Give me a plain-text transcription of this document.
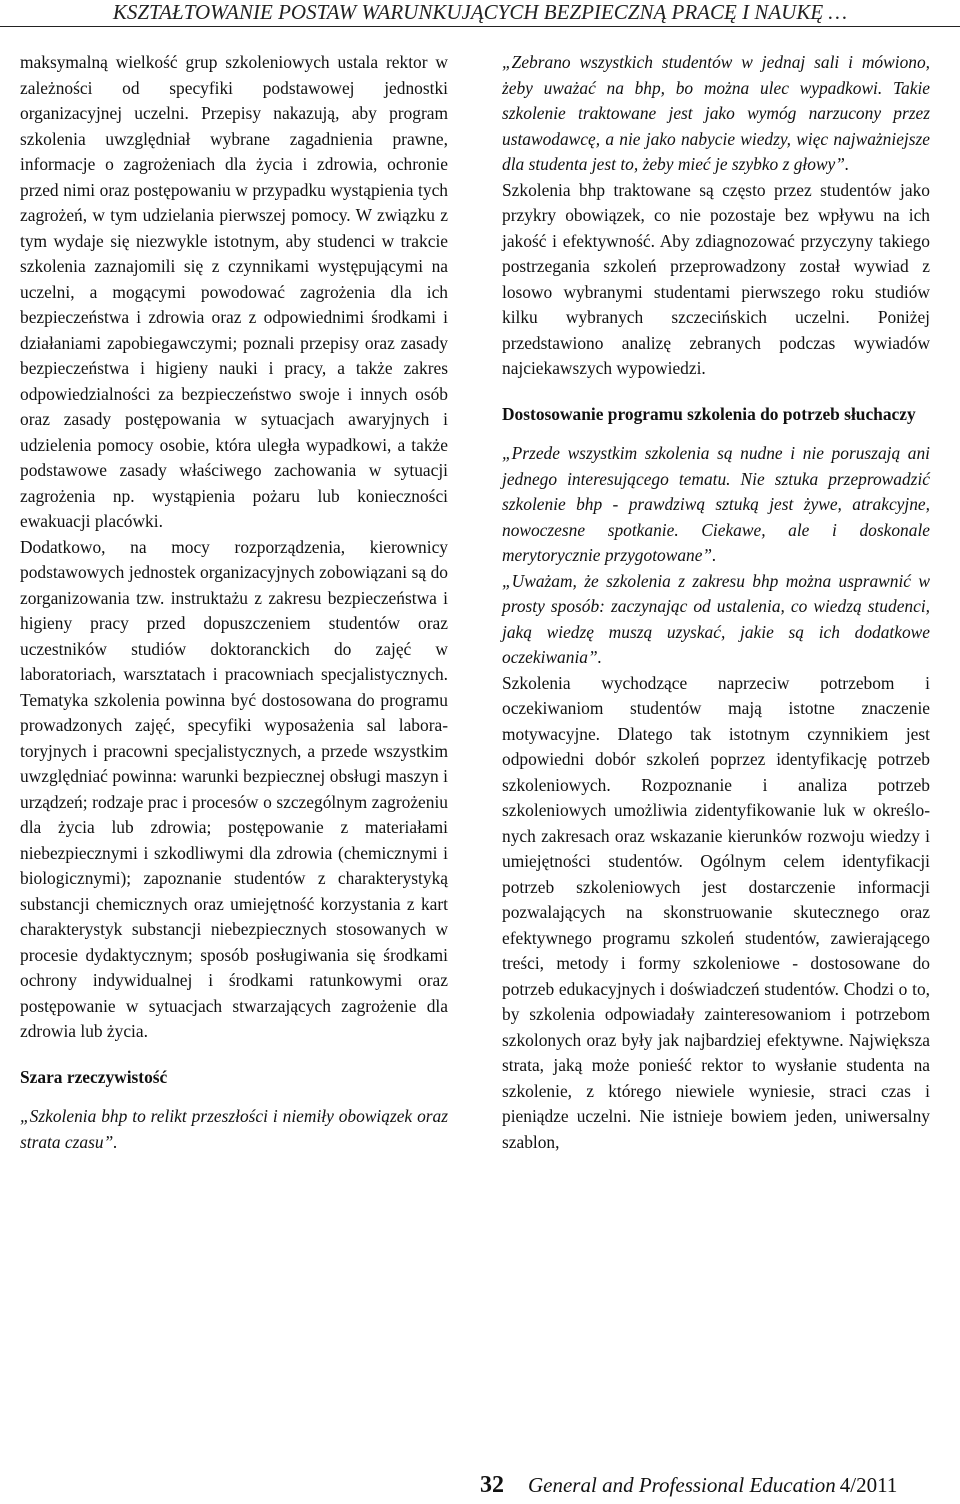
KSZTAŁTOWANIE POSTAW WARUNKUJĄCYCH BEZPIECZNĄ PRACĘ I NAUKĘ …

maksymalną wielkość grup szkoleniowych ustala rektor w zależności od specyfiki podstawowej jednostki organizacyjnej uczelni. Przepisy nakazują, aby program szkolenia uwzględniał wybrane zagadnienia prawne, informacje o zagrożeniach dla życia i zdrowia, ochronie przed nimi oraz postępowaniu w przypadku wystąpienia tych zagrożeń, w tym udzielania pierwszej pomocy. W związku z tym wydaje się niezwykle istotnym, aby studenci w trakcie szkolenia zaznajomili się z czynnikami występującymi na uczelni, a mogącymi powodować zagrożenia dla ich bezpieczeństwa i zdrowia oraz z odpowiednimi środkami i działaniami zapobiegawczymi; poznali przepisy oraz zasady bezpieczeństwa i higieny nauki i pracy, a także zakres odpowiedzialności za bezpieczeństwo swoje i innych osób oraz zasady postępowania w sytuacjach awaryjnych i udzielenia pomocy osobie, która uległa wypadkowi, a także podstawowe zasady właściwego zachowania w sytuacji zagrożenia np. wystąpienia pożaru lub konieczności ewakuacji placówki.

Dodatkowo, na mocy rozporządzenia, kierownicy podstawowych jednostek organizacyjnych zobowiązani są do zorganizowania tzw. instruktażu z zakresu bezpieczeństwa i higieny pracy przed dopuszczeniem studentów oraz uczestników studiów doktoranckich do zajęć w laboratoriach, warsztatach i pracowniach specjalistycznych. Tematyka szkolenia powinna być dostosowana do programu prowadzonych zajęć, specyfiki wyposażenia sal laboratoryjnych i pracowni specjalistycznych, a przede wszystkim uwzględniać powinna: warunki bezpiecznej obsługi maszyn i urządzeń; rodzaje prac i procesów o szczególnym zagrożeniu dla życia lub zdrowia; postępowanie z materiałami niebezpiecznymi i szkodliwymi dla zdrowia (chemicznymi i biologicznymi); zapoznanie studentów z charakterystyką substancji chemicznych oraz umiejętność korzystania z kart charakterystyk substancji niebezpiecznych stosowanych w procesie dydaktycznym; sposób posługiwania się środkami ochrony indywidualnej i środkami ratunkowymi oraz postępowanie w sytuacjach stwarzających zagrożenie dla zdrowia lub życia.

Szara rzeczywistość

„Szkolenia bhp to relikt przeszłości i niemiły obowiązek oraz strata czasu”.

„Zebrano wszystkich studentów w jednaj sali i mówiono, żeby uważać na bhp, bo można ulec wypadkowi. Takie szkolenie traktowane jest jako wymóg narzucony przez ustawodawcę, a nie jako nabycie wiedzy, więc najważniejsze dla studenta jest to, żeby mieć je szybko z głowy”.

Szkolenia bhp traktowane są często przez studentów jako przykry obowiązek, co nie pozostaje bez wpływu na ich jakość i efektywność. Aby zdiagnozować przyczyny takiego postrzegania szkoleń przeprowadzony został wywiad z losowo wybranymi studentami pierwszego roku studiów kilku wybranych szczecińskich uczelni. Poniżej przedstawiono analizę zebranych podczas wywiadów najciekawszych wypowiedzi.

Dostosowanie programu szkolenia do potrzeb słuchaczy

„Przede wszystkim szkolenia są nudne i nie poruszają ani jednego interesującego tematu. Nie sztuka przeprowadzić szkolenie bhp - prawdziwą sztuką jest żywe, atrakcyjne, nowoczesne spotkanie. Ciekawe, ale i doskonale merytorycznie przygotowane”.

„Uważam, że szkolenia z zakresu bhp można usprawnić w prosty sposób: zaczynając od ustalenia, co wiedzą studenci, jaką wiedzę muszą uzyskać, jakie są ich dodatkowe oczekiwania”.

Szkolenia wychodzące naprzeciw potrzebom i oczekiwaniom studentów mają istotne znaczenie motywacyjne. Dlatego tak istotnym czynnikiem jest odpowiedni dobór szkoleń poprzez identyfikację potrzeb szkoleniowych. Rozpoznanie i analiza potrzeb szkoleniowych umożliwia zidentyfikowanie luk w określonych zakresach oraz wskazanie kierunków rozwoju wiedzy i umiejętności studentów. Ogólnym celem identyfikacji potrzeb szkoleniowych jest dostarczenie informacji pozwalających na skonstruowanie skutecznego oraz efektywnego programu szkoleń studentów, zawierającego treści, metody i formy szkoleniowe - dostosowane do potrzeb edukacyjnych i doświadczeń studentów. Chodzi o to, by szkolenia odpowiadały zainteresowaniom i potrzebom szkolonych oraz były jak najbardziej efektywne. Największa strata, jaką może ponieść rektor to wysłanie studenta na szkolenie, z którego niewiele wyniesie, straci czas i pieniądze uczelni. Nie istnieje bowiem jeden, uniwersalny szablon,

32 General and Professional Education 4/2011
